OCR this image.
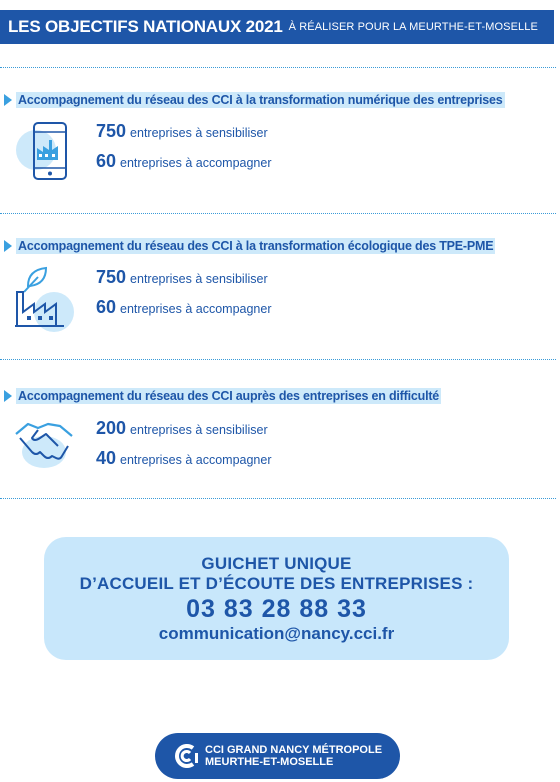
LES OBJECTIFS NATIONAUX 2021 À RÉALISER POUR LA MEURTHE-ET-MOSELLE
Accompagnement du réseau des CCI à la transformation numérique des entreprises
750 entreprises à sensibiliser
60 entreprises à accompagner
Accompagnement du réseau des CCI à la transformation écologique des TPE-PME
750 entreprises à sensibiliser
60 entreprises à accompagner
Accompagnement du réseau des CCI auprès des entreprises en difficulté
200 entreprises à sensibiliser
40 entreprises à accompagner
GUICHET UNIQUE
D’ACCUEIL ET D’ÉCOUTE DES ENTREPRISES :
03 83 28 88 33
communication@nancy.cci.fr
CCI GRAND NANCY MÉTROPOLE
MEURTHE-ET-MOSELLE
